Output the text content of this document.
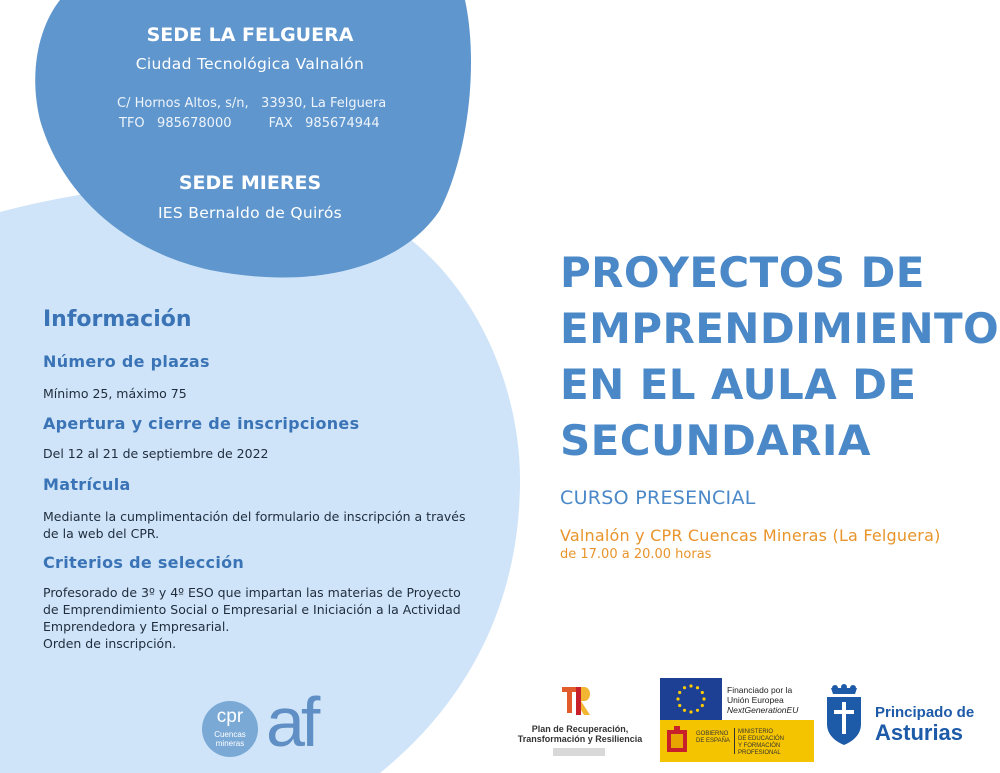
SEDE LA FELGUERA
Ciudad Tecnológica Valnalón
C/ Hornos Altos, s/n,   33930, La Felguera
TFO   985678000         FAX   985674944
SEDE MIERES
IES Bernaldo de Quirós
Información
Número de plazas
Mínimo 25, máximo 75
Apertura y cierre de inscripciones
Del 12 al 21 de septiembre de 2022
Matrícula
Mediante la cumplimentación del formulario de inscripción a través
de la web del CPR.
Criterios de selección
Profesorado de 3º y 4º ESO que impartan las materias de Proyecto
de Emprendimiento Social o Empresarial e Iniciación a la Actividad
Emprendedora y Empresarial.
Orden de inscripción.
PROYECTOS DE
EMPRENDIMIENTO
EN EL AULA DE
SECUNDARIA
CURSO PRESENCIAL
Valnalón y CPR Cuencas Mineras (La Felguera)
de 17.00 a 20.00 horas
cpr
Cuencas
mineras af	Plan de Recuperación,
Transformación y Resiliencia
Financiado por la
Unión Europea
NextGenerationEU
GOBIERNO
DE ESPAÑA
MINISTERIO
DE EDUCACIÓN
Y FORMACIÓN PROFESIONAL
Principado de
Asturias
